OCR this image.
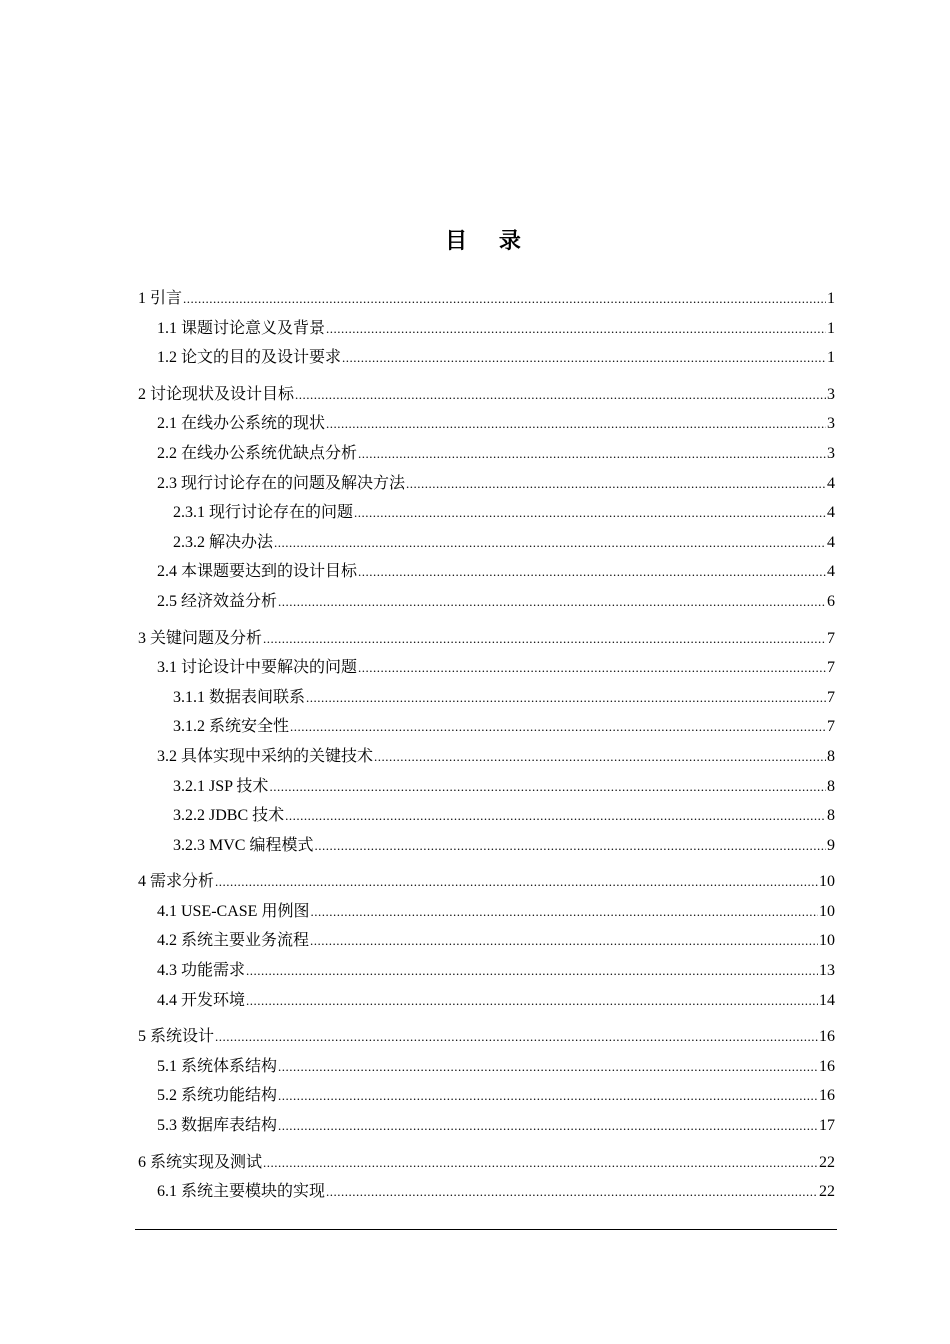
目 录
1 引言 .....	1
1.1 课题讨论意义及背景 .....	1
1.2 论文的目的及设计要求 .....	1
2 讨论现状及设计目标 .....	3
2.1 在线办公系统的现状 .....	3
2.2 在线办公系统优缺点分析 .....	3
2.3 现行讨论存在的问题及解决方法 .....	4
2.3.1 现行讨论存在的问题 .....	4
2.3.2 解决办法 .....	4
2.4 本课题要达到的设计目标 .....	4
2.5 经济效益分析 .....	6
3 关键问题及分析 .....	7
3.1 讨论设计中要解决的问题 .....	7
3.1.1 数据表间联系 .....	7
3.1.2 系统安全性 .....	7
3.2 具体实现中采纳的关键技术 .....	8
3.2.1 JSP 技术 .....	8
3.2.2 JDBC 技术 .....	8
3.2.3 MVC 编程模式 .....	9
4 需求分析 .....	10
4.1 USE-CASE 用例图 .....	10
4.2 系统主要业务流程 .....	10
4.3 功能需求 .....	13
4.4 开发环境 .....	14
5 系统设计 .....	16
5.1 系统体系结构 .....	16
5.2 系统功能结构 .....	16
5.3 数据库表结构 .....	17
6 系统实现及测试 .....	22
6.1 系统主要模块的实现 .....	22
